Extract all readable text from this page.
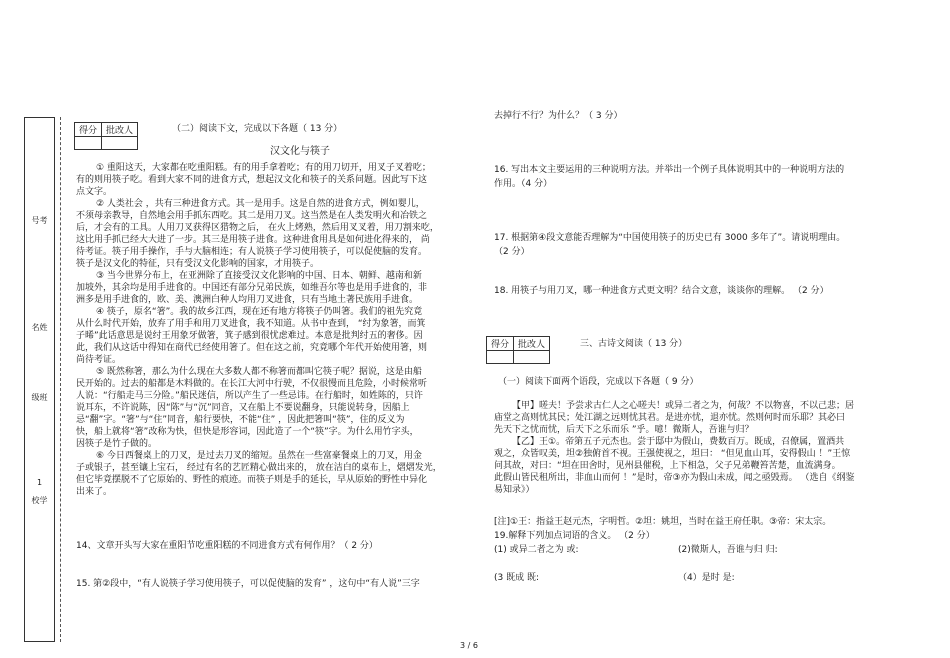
号考
名姓
级班
1
校学
得分	批改人
		（二）阅读下文，完成以下各题（ 13 分）
汉文化与筷子
① 重阳这天，大家都在吃重阳糕。有的用手拿着吃；有的用刀切开，用叉子叉着吃；
有的则用筷子吃。看到大家不同的进食方式，想起汉文化和筷子的关系问题。因此写下这
点文字。
② 人类社会 ，共有三种进食方式。其一是用手。这是自然的进食方式，例如婴儿，
不须母亲教导，自然地会用手抓东西吃。其二是用刀叉。这当然是在人类发明火和冶铁之
后，才会有的工具。人用刀叉获得区猎物之后， 在火上烤熟，然后用叉叉着，用刀割来吃，
这比用手抓已经大大进了一步。其三是用筷子进食。这种进食用具是如何进化得来的， 尚
待考证。筷子用手操作，手与大脑相连；有人说筷子学习使用筷子，可以促使脑的发育。
筷子是汉文化的特征，只有受汉文化影响的国家，才用筷子。
③ 当今世界分布上，在亚洲除了直接受汉文化影响的中国、日本、朝鲜、越南和新
加坡外，其余均是用手进食的。中国还有部分兄弟民族，如维吾尔等也是用手进食的，非
洲多是用手进食的，欧、美、澳洲白种人均用刀叉进食，只有当地土著民族用手进食。
④ 筷子，原名“箸”。我的故乡江西，现在还有地方将筷子仍叫箸。我们的祖先究竟
从什么时代开始，放弃了用手和用刀叉进食，我不知道。从书中查到， “纣为象箸，而箕
子晞”此话意思是说纣王用象牙做箸，箕子感到很忧虑难过。本意是批判纣五的奢侈。因
此，我们从这话中得知在商代已经使用箸了。但在这之前，究竟哪个年代开始使用箸，则
尚待考证。
⑤ 既然称箸，那么为什么现在大多数人都不称箸而都叫它筷子呢？据说，这是由船
民开始的。过去的船都是木料做的。在长江大河中行驶，不仅很慢而且危险，小时候常听
人说：“行船走马三分险。”船民迷信，所以产生了一些忌讳。在行船时，如姓陈的，只许
说耳东，不许说陈，因“陈”与“沉”同音，又在船上不要说翻身，只能说转身，因船上
忌“翻”字。“箸”与“住”同音，船行要快，不能“住” ，因此把箸叫“筷”，住的反义为
快，船上就将“箸”改称为快，但快是形容词，因此造了一个“筷”字。为什么用竹字头，
因筷子是竹子做的。
⑥ 今日西餐桌上的刀叉，是过去刀叉的缩短。虽然在一些富豪餐桌上的刀叉，用金
子或银子，甚至镶上宝石， 经过有名的艺匠精心做出来的， 放在洁白的桌布上，熠熠发光，
但它毕竟摆脱不了它原始的、野性的痕迹。而筷子则是手的延长，早从原始的野性中异化
出来了。
14、文章开头写大家在重阳节吃重阳糕的不同进食方式有何作用？（ 2 分）
15. 第②段中，“有人说筷子学习使用筷子，可以促使脑的发育” ，这句中“有人说”三字
去掉行不行？为什么？（ 3 分）
16. 写出本文主要运用的三种说明方法。并举出一个例子具体说明其中的一种说明方法的
作用。（4 分）
17. 根据第④段文意能否理解为“中国使用筷子的历史已有 3000 多年了”。请说明理由。
（2 分）
18. 用筷子与用刀叉，哪一种进食方式更文明？结合文意，谈谈你的理解。 （2 分）
得分	批改人
		三、古诗文阅读（ 13 分）
（一）阅读下面两个语段，完成以下各题（ 9 分）
【甲】嗟夫！予尝求古仁人之心嗟夫！或异二者之为，何哉？不以物喜，不以己悲；居
庙堂之高则忧其民；处江湖之远则忧其君。是进亦忧，退亦忧。然则何时而乐耶？其必曰
先天下之忧而忧，后天下之乐而乐 ”乎。噫！微斯人，吾谁与归？
【乙】王①。帝第五子元杰也。尝于邸中为假山，费数百万。既成，召僚属，置酒共
观之，众皆叹美，坦②独俯首不视。王强使视之，坦曰： “但见血山耳，安得假山 ！”王惊
问其故，对曰：“坦在田舍时，见州县催税，上下相急，父子兄弟鞭笞苦楚，血流满身。
此假山皆民租所出，非血山而何 ！”是时，帝③亦为假山未成，闻之亟毁焉。 （选自《纲鉴
易知录》）
[注]①王：指益王赵元杰，字明哲。②坦：姚坦，当时在益王府任职。③帝：宋太宗。
19.解释下列加点词语的含义。 （2 分）
(1) 或异二者之为 或:	(2)微斯人，吾谁与归 归:
(3 既成 既:	（4）是时 是:
3 / 6
